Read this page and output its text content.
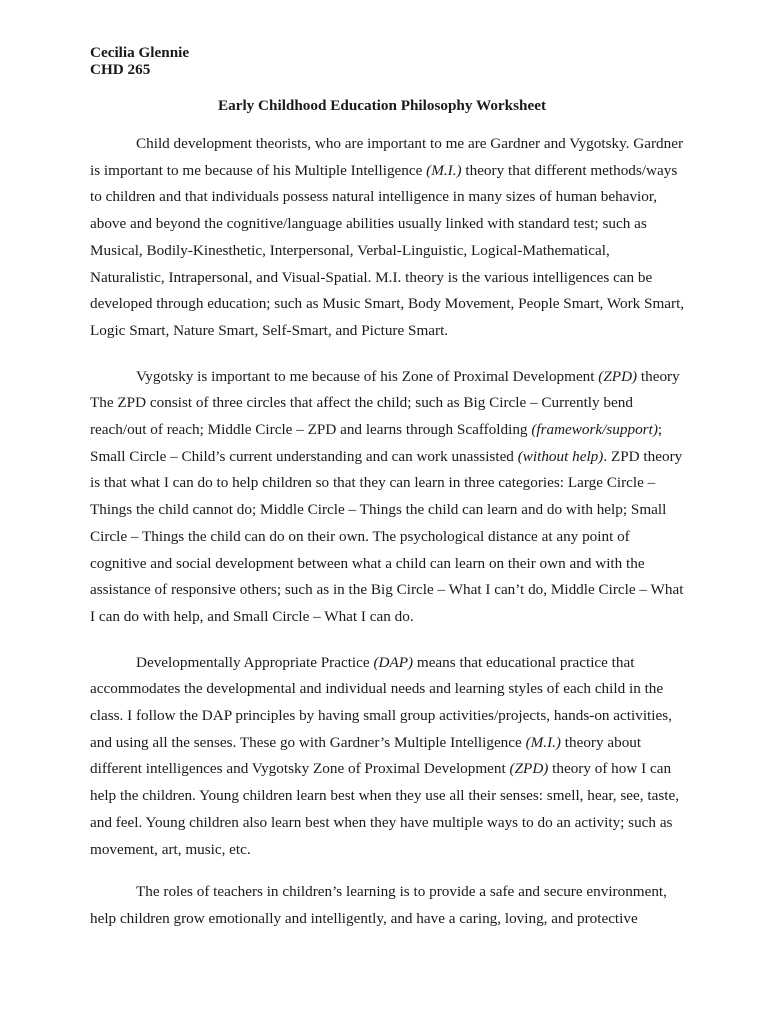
Cecilia Glennie

CHD 265

Early Childhood Education Philosophy Worksheet

Child development theorists, who are important to me are Gardner and Vygotsky. Gardner is important to me because of his Multiple Intelligence (M.I.) theory that different methods/ways to children and that individuals possess natural intelligence in many sizes of human behavior, above and beyond the cognitive/language abilities usually linked with standard test; such as Musical, Bodily-Kinesthetic, Interpersonal, Verbal-Linguistic, Logical-Mathematical, Naturalistic, Intrapersonal, and Visual-Spatial. M.I. theory is the various intelligences can be developed through education; such as Music Smart, Body Movement, People Smart, Work Smart, Logic Smart, Nature Smart, Self-Smart, and Picture Smart.

Vygotsky is important to me because of his Zone of Proximal Development (ZPD) theory The ZPD consist of three circles that affect the child; such as Big Circle – Currently bend reach/out of reach; Middle Circle – ZPD and learns through Scaffolding (framework/support); Small Circle – Child’s current understanding and can work unassisted (without help). ZPD theory is that what I can do to help children so that they can learn in three categories: Large Circle – Things the child cannot do; Middle Circle – Things the child can learn and do with help; Small Circle – Things the child can do on their own. The psychological distance at any point of cognitive and social development between what a child can learn on their own and with the assistance of responsive others; such as in the Big Circle – What I can’t do, Middle Circle – What I can do with help, and Small Circle – What I can do.

Developmentally Appropriate Practice (DAP) means that educational practice that accommodates the developmental and individual needs and learning styles of each child in the class. I follow the DAP principles by having small group activities/projects, hands-on activities, and using all the senses. These go with Gardner’s Multiple Intelligence (M.I.) theory about different intelligences and Vygotsky Zone of Proximal Development (ZPD) theory of how I can help the children. Young children learn best when they use all their senses: smell, hear, see, taste, and feel. Young children also learn best when they have multiple ways to do an activity; such as movement, art, music, etc.

The roles of teachers in children’s learning is to provide a safe and secure environment, help children grow emotionally and intelligently, and have a caring, loving, and protective
